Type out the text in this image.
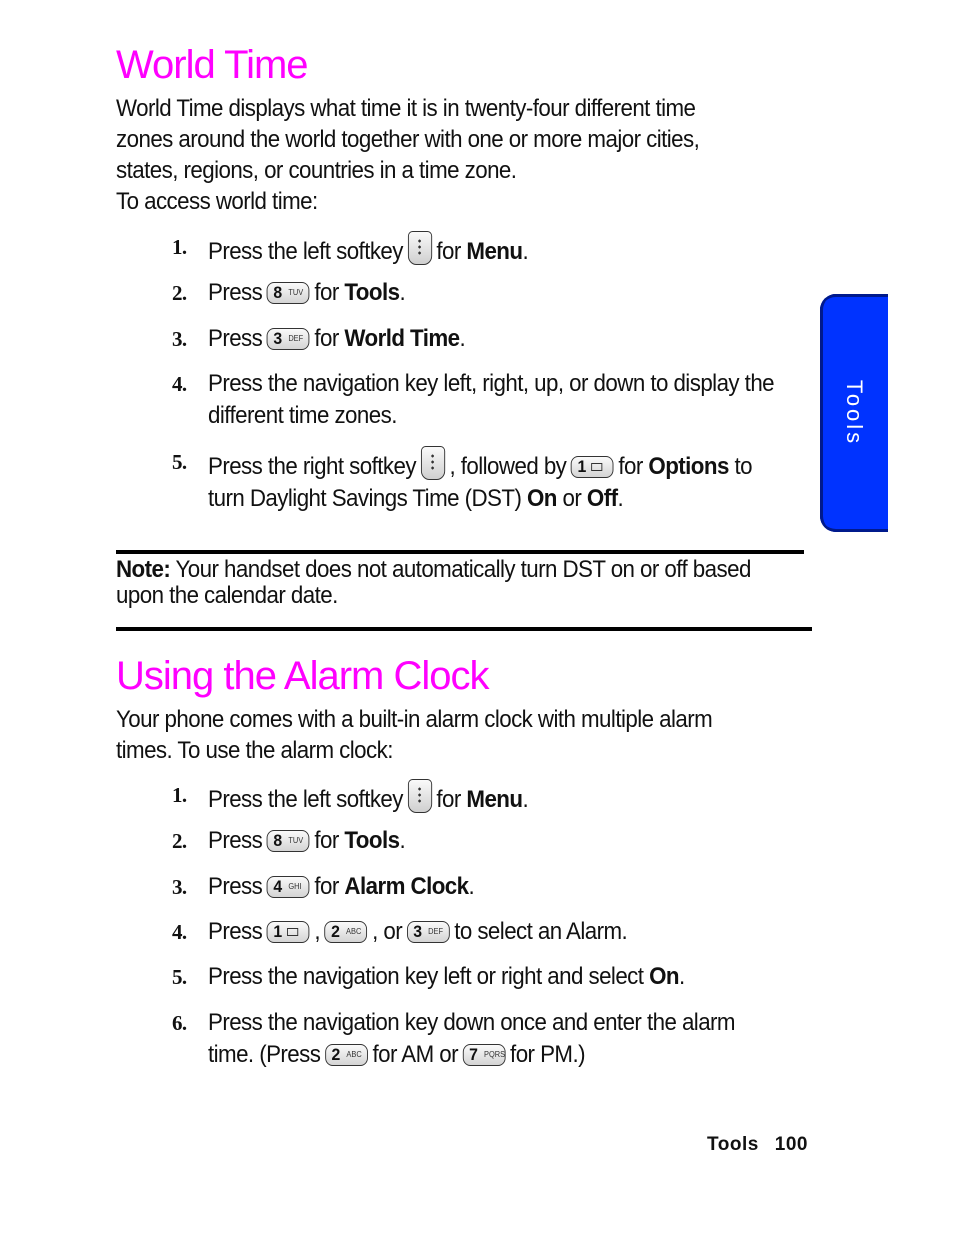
World Time

World Time displays what time it is in twenty-four different time zones around the world together with one or more major cities, states, regions, or countries in a time zone.

To access world time:

1. Press the left softkey for Menu.
2. Press 8 TUV for Tools.
3. Press 3 DEF for World Time.
4. Press the navigation key left, right, up, or down to display the different time zones.
5. Press the right softkey , followed by 1 for Options to turn Daylight Savings Time (DST) On or Off.

Note: Your handset does not automatically turn DST on or off based upon the calendar date.

Using the Alarm Clock

Your phone comes with a built-in alarm clock with multiple alarm times. To use the alarm clock:

1. Press the left softkey for Menu.
2. Press 8 TUV for Tools.
3. Press 4 GHI for Alarm Clock.
4. Press 1 , 2 ABC , or 3 DEF to select an Alarm.
5. Press the navigation key left or right and select On.
6. Press the navigation key down once and enter the alarm time. (Press 2 ABC for AM or 7 PQRS for PM.)
Tools
Tools 100
